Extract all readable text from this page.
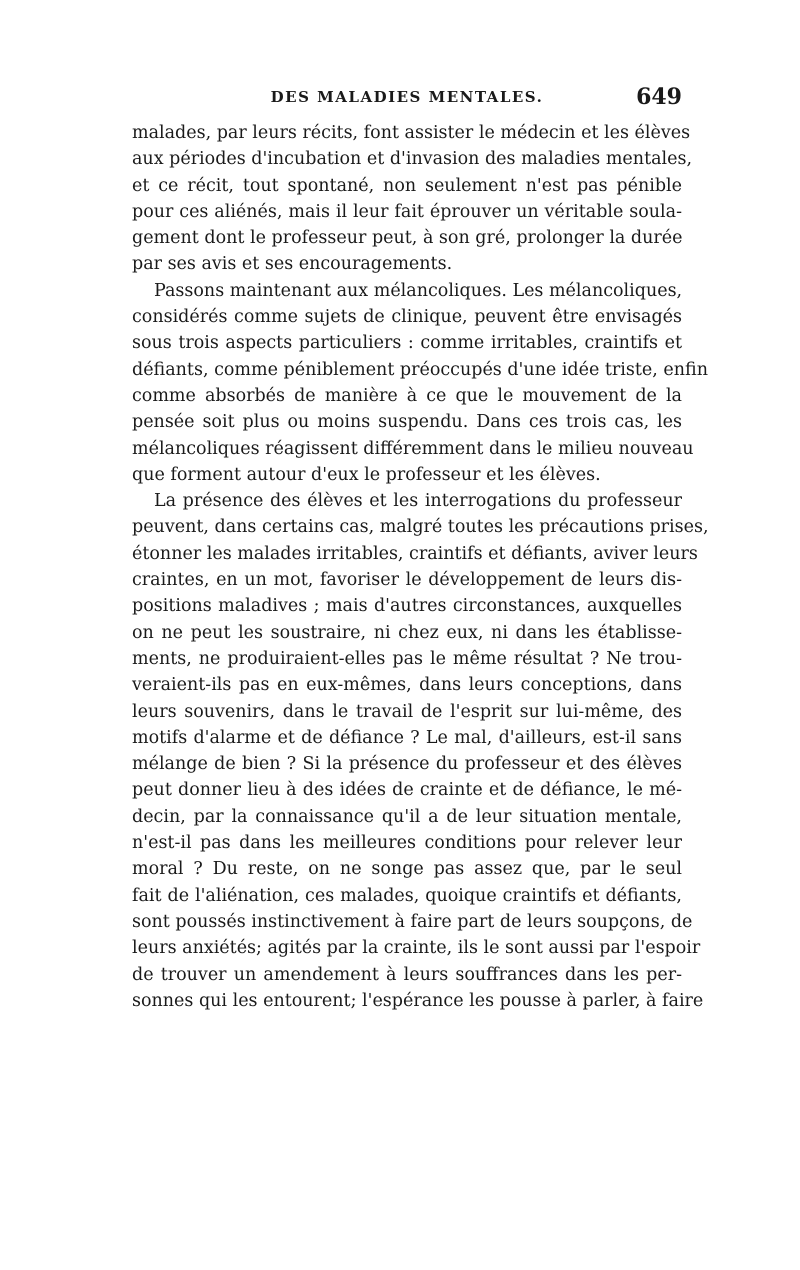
DES MALADIES MENTALES.	649
malades, par leurs récits, font assister le médecin et les élèves
aux périodes d'incubation et d'invasion des maladies mentales,
et ce récit, tout spontané, non seulement n'est pas pénible
pour ces aliénés, mais il leur fait éprouver un véritable soula-
gement dont le professeur peut, à son gré, prolonger la durée
par ses avis et ses encouragements.
Passons maintenant aux mélancoliques. Les mélancoliques,
considérés comme sujets de clinique, peuvent être envisagés
sous trois aspects particuliers : comme irritables, craintifs et
défiants, comme péniblement préoccupés d'une idée triste, enfin
comme absorbés de manière à ce que le mouvement de la
pensée soit plus ou moins suspendu. Dans ces trois cas, les
mélancoliques réagissent différemment dans le milieu nouveau
que forment autour d'eux le professeur et les élèves.
La présence des élèves et les interrogations du professeur
peuvent, dans certains cas, malgré toutes les précautions prises,
étonner les malades irritables, craintifs et défiants, aviver leurs
craintes, en un mot, favoriser le développement de leurs dis-
positions maladives ; mais d'autres circonstances, auxquelles
on ne peut les soustraire, ni chez eux, ni dans les établisse-
ments, ne produiraient-elles pas le même résultat ? Ne trou-
veraient-ils pas en eux-mêmes, dans leurs conceptions, dans
leurs souvenirs, dans le travail de l'esprit sur lui-même, des
motifs d'alarme et de défiance ? Le mal, d'ailleurs, est-il sans
mélange de bien ? Si la présence du professeur et des élèves
peut donner lieu à des idées de crainte et de défiance, le mé-
decin, par la connaissance qu'il a de leur situation mentale,
n'est-il pas dans les meilleures conditions pour relever leur
moral ? Du reste, on ne songe pas assez que, par le seul
fait de l'aliénation, ces malades, quoique craintifs et défiants,
sont poussés instinctivement à faire part de leurs soupçons, de
leurs anxiétés; agités par la crainte, ils le sont aussi par l'espoir
de trouver un amendement à leurs souffrances dans les per-
sonnes qui les entourent; l'espérance les pousse à parler, à faire
